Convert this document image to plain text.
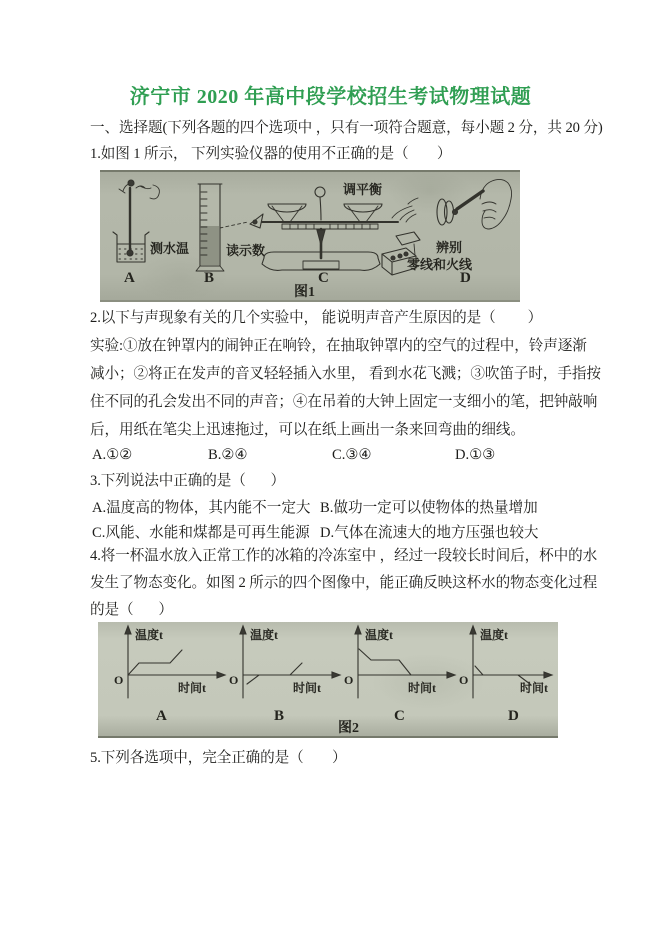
济宁市 2020 年高中段学校招生考试物理试题
一、选择题(下列各题的四个选项中 ，只有一项符合题意，每小题 2 分，共 20 分)
1.如图 1 所示， 下列实验仪器的使用不正确的是（        ）
测水温
A
读示数
B
调平衡
C
辨别
零线和火线
D
图1
2.以下与声现象有关的几个实验中， 能说明声音产生原因的是（         ）
实验:①放在钟罩内的闹钟正在响铃，在抽取钟罩内的空气的过程中，铃声逐渐
减小；②将正在发声的音叉轻轻插入水里， 看到水花飞溅；③吹笛子时，手指按
住不同的孔会发出不同的声音；④在吊着的大钟上固定一支细小的笔，把钟敲响
后，用纸在笔尖上迅速拖过，可以在纸上画出一条来回弯曲的细线。
A.①②	B.②④	C.③④	D.①③
3.下列说法中正确的是（       ）
A.温度高的物体，其内能不一定大 B.做功一定可以使物体的热量增加
C.风能、水能和煤都是可再生能源 D.气体在流速大的地方压强也较大
4.将一杯温水放入正常工作的冰箱的冷冻室中 ，经过一段较长时间后，杯中的水
发生了物态变化。如图 2 所示的四个图像中，能正确反映这杯水的物态变化过程
的是（       ）
温度t
时间t
O
A
温度t
时间t
O
B
温度t
时间t
O
C
温度t
时间t
O
D
图2
5.下列各选项中，完全正确的是（        ）
